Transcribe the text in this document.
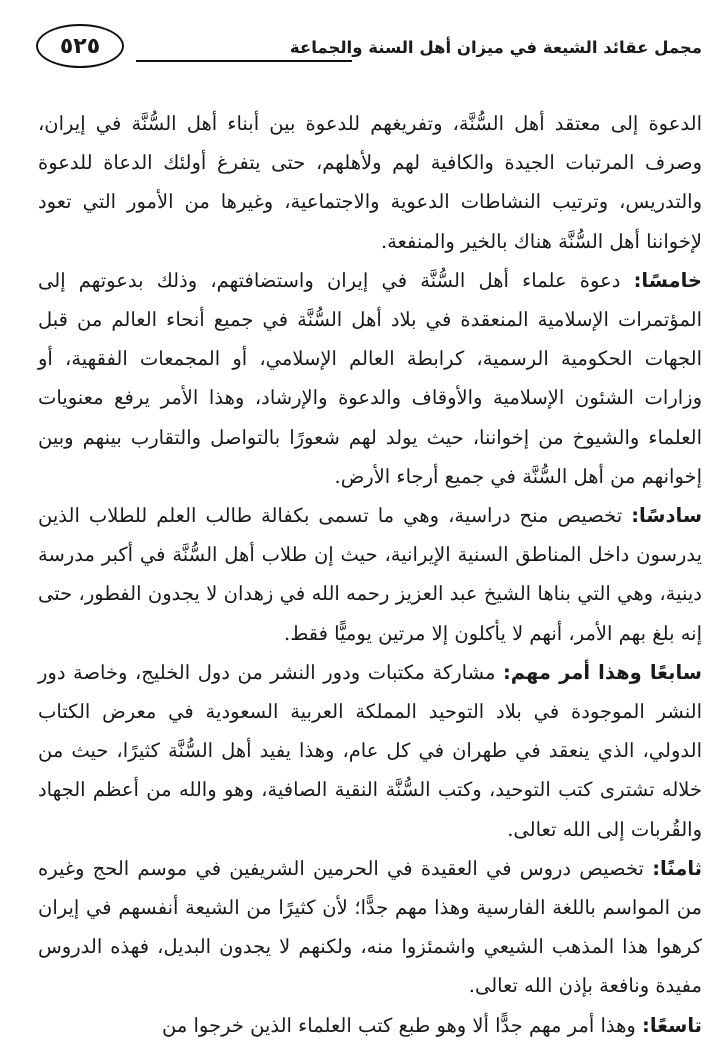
٥٢٥	مجمل عقائد الشيعة في ميزان أهل السنة والجماعة

الدعوة إلى معتقد أهل السُّنَّة، وتفريغهم للدعوة بين أبناء أهل السُّنَّة في إيران، وصرف المرتبات الجيدة والكافية لهم ولأهلهم، حتى يتفرغ أولئك الدعاة للدعوة والتدريس، وترتيب النشاطات الدعوية والاجتماعية، وغيرها من الأمور التي تعود لإخواننا أهل السُّنَّة هناك بالخير والمنفعة.

خامسًا: دعوة علماء أهل السُّنَّة في إيران واستضافتهم، وذلك بدعوتهم إلى المؤتمرات الإسلامية المنعقدة في بلاد أهل السُّنَّة في جميع أنحاء العالم من قبل الجهات الحكومية الرسمية، كرابطة العالم الإسلامي، أو المجمعات الفقهية، أو وزارات الشئون الإسلامية والأوقاف والدعوة والإرشاد، وهذا الأمر يرفع معنويات العلماء والشيوخ من إخواننا، حيث يولد لهم شعورًا بالتواصل والتقارب بينهم وبين إخوانهم من أهل السُّنَّة في جميع أرجاء الأرض.

سادسًا: تخصيص منح دراسية، وهي ما تسمى بكفالة طالب العلم للطلاب الذين يدرسون داخل المناطق السنية الإيرانية، حيث إن طلاب أهل السُّنَّة في أكبر مدرسة دينية، وهي التي بناها الشيخ عبد العزيز رحمه الله في زهدان لا يجدون الفطور، حتى إنه بلغ بهم الأمر، أنهم لا يأكلون إلا مرتين يوميًّا فقط.

سابعًا وهذا أمر مهم: مشاركة مكتبات ودور النشر من دول الخليج، وخاصة دور النشر الموجودة في بلاد التوحيد المملكة العربية السعودية في معرض الكتاب الدولي، الذي ينعقد في طهران في كل عام، وهذا يفيد أهل السُّنَّة كثيرًا، حيث من خلاله تشترى كتب التوحيد، وكتب السُّنَّة النقية الصافية، وهو والله من أعظم الجهاد والقُربات إلى الله تعالى.

ثامنًا: تخصيص دروس في العقيدة في الحرمين الشريفين في موسم الحج وغيره من المواسم باللغة الفارسية وهذا مهم جدًّا؛ لأن كثيرًا من الشيعة أنفسهم في إيران كرهوا هذا المذهب الشيعي واشمئزوا منه، ولكنهم لا يجدون البديل، فهذه الدروس مفيدة ونافعة بإذن الله تعالى.

تاسعًا: وهذا أمر مهم جدًّا ألا وهو طبع كتب العلماء الذين خرجوا من
